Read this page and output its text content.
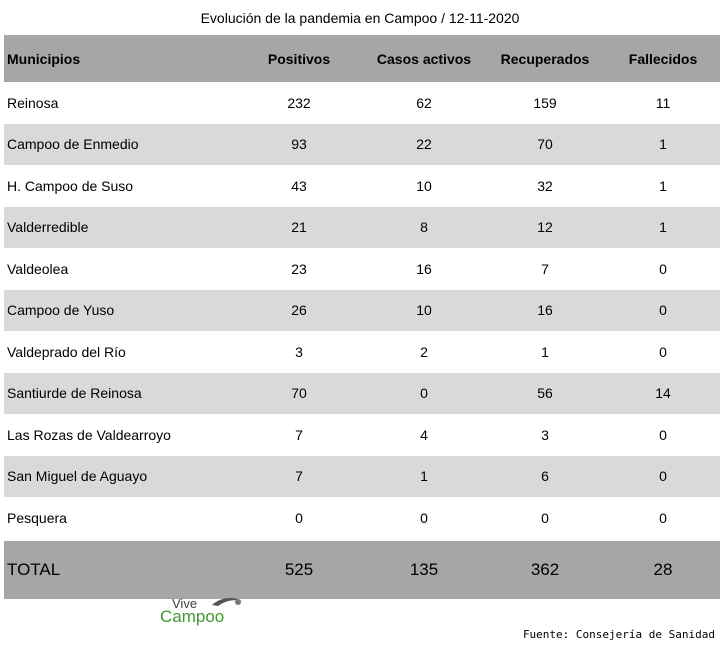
Evolución de la pandemia en Campoo / 12-11-2020
Municipios	Positivos	Casos activos	Recuperados	Fallecidos
Reinosa	232	62	159	11
Campoo de Enmedio	93	22	70	1
H. Campoo de Suso	43	10	32	1
Valderredible	21	8	12	1
Valdeolea	23	16	7	0
Campoo de Yuso	26	10	16	0
Valdeprado del Río	3	2	1	0
Santiurde de Reinosa	70	0	56	14
Las Rozas de Valdearroyo	7	4	3	0
San Miguel de Aguayo	7	1	6	0
Pesquera	0	0	0	0
TOTAL	525	135	362	28
Vive
Campoo
Fuente: Consejería de Sanidad
